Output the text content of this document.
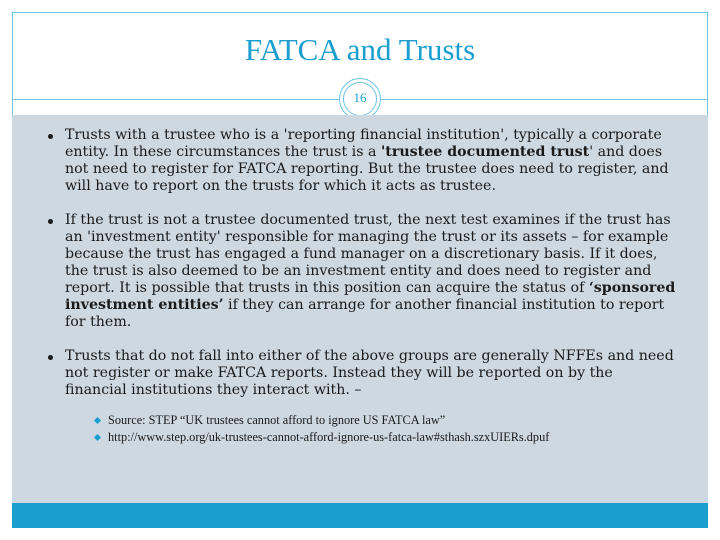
FATCA and Trusts
16
Trusts with a trustee who is a 'reporting financial institution', typically a corporate entity. In these circumstances the trust is a 'trustee documented trust' and does not need to register for FATCA reporting. But the trustee does need to register, and will have to report on the trusts for which it acts as trustee.
If the trust is not a trustee documented trust, the next test examines if the trust has an 'investment entity' responsible for managing the trust or its assets – for example because the trust has engaged a fund manager on a discretionary basis. If it does, the trust is also deemed to be an investment entity and does need to register and report. It is possible that trusts in this position can acquire the status of ‘sponsored investment entities’ if they can arrange for another financial institution to report for them.
Trusts that do not fall into either of the above groups are generally NFFEs and need not register or make FATCA reports. Instead they will be reported on by the financial institutions they interact with. –
Source: STEP “UK trustees cannot afford to ignore US FATCA law”
http://www.step.org/uk-trustees-cannot-afford-ignore-us-fatca-law#sthash.szxUIERs.dpuf
